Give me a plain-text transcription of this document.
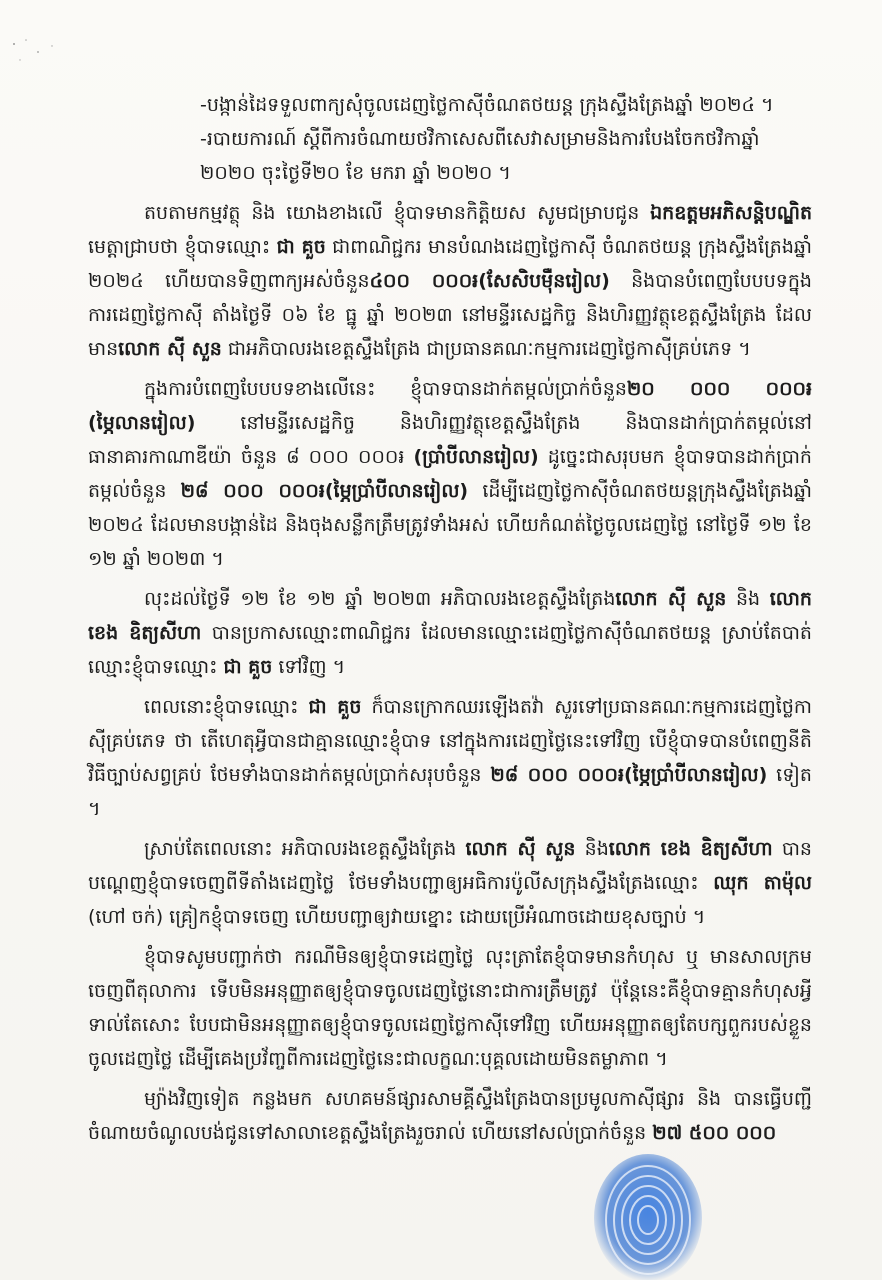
-បង្កាន់ដៃទទួលពាក្យសុំចូលដេញថ្លៃកាស៊ីចំណតថយន្ត ក្រុងស្ទឹងត្រែងឆ្នាំ ២០២៤ ។

-របាយការណ៍ ស្តីពីការចំណាយថវិកាសេសពីសេវាសម្រាមនិងការបែងចែកថវិកាឆ្នាំ

២០២០ ចុះថ្ងៃទី២០ ខែ មករា ឆ្នាំ ២០២០ ។

តបតាមកម្មវត្ថុ និង យោងខាងលើ ខ្ញុំបាទមានកិត្តិយស សូមជម្រាបជូន ឯកឧត្តមអភិសន្តិបណ្ឌិត មេត្តាជ្រាបថា ខ្ញុំបាទឈ្មោះ ជា គួច ជាពាណិជ្ជករ មានបំណងដេញថ្លៃកាស៊ី ចំណតថយន្ត ក្រុងស្ទឹងត្រែងឆ្នាំ ២០២៤ ហើយបានទិញពាក្យអស់ចំនួន៤០០ ០០០៛(សែសិបម៉ឺនរៀល) និងបានបំពេញបែបបទក្នុងការដេញថ្លៃកាស៊ី តាំងថ្ងៃទី ០៦ ខែ ធ្នូ ឆ្នាំ ២០២៣ នៅមន្ទីរសេដ្ឋកិច្ច និងហិរញ្ញវត្ថុខេត្តស្ទឹងត្រែង ដែលមានលោក ស៊ី សួន ជាអភិបាលរងខេត្តស្ទឹងត្រែង ជាប្រធានគណៈកម្មការដេញថ្លៃកាស៊ីគ្រប់ភេទ ។

ក្នុងការបំពេញបែបបទខាងលើនេះ ខ្ញុំបាទបានដាក់តម្កល់ប្រាក់ចំនួន២០ ០០០ ០០០៛(ម្ភៃលានរៀល) នៅមន្ទីរសេដ្ឋកិច្ច និងហិរញ្ញវត្ថុខេត្តស្ទឹងត្រែង និងបានដាក់ប្រាក់តម្កល់នៅធានាគារកាណាឌីយ៉ា ចំនួន ៨ ០០០ ០០០៛ (ប្រាំបីលានរៀល) ដូច្នេះជាសរុបមក ខ្ញុំបាទបានដាក់ប្រាក់តម្កល់ចំនួន ២៨ ០០០ ០០០៛(ម្ភៃប្រាំបីលានរៀល) ដើម្បីដេញថ្លៃកាស៊ីចំណតថយន្តក្រុងស្ទឹងត្រែងឆ្នាំ ២០២៤ ដែលមានបង្កាន់ដៃ និងចុងសន្លឹកត្រឹមត្រូវទាំងអស់ ហើយកំណត់ថ្ងៃចូលដេញថ្លៃ នៅថ្ងៃទី ១២ ខែ ១២ ឆ្នាំ ២០២៣ ។

លុះដល់ថ្ងៃទី ១២ ខែ ១២ ឆ្នាំ ២០២៣ អភិបាលរងខេត្តស្ទឹងត្រែងលោក ស៊ី សួន និង លោក ខេង ឧិត្យសីហា បានប្រកាសឈ្មោះពាណិជ្ជករ ដែលមានឈ្មោះដេញថ្លៃកាស៊ីចំណតថយន្ត ស្រាប់តែបាត់ឈ្មោះខ្ញុំបាទឈ្មោះ ជា គួច ទៅវិញ ។

ពេលនោះខ្ញុំបាទឈ្មោះ ជា គួច ក៏បានក្រោកឈរឡើងតវ៉ា សួរទៅប្រធានគណៈកម្មការដេញថ្លៃកាស៊ីគ្រប់ភេទ ថា តើហេតុអ្វីបានជាគ្មានឈ្មោះខ្ញុំបាទ នៅក្នុងការដេញថ្លៃនេះទៅវិញ បើខ្ញុំបាទបានបំពេញនីតិវិធីច្បាប់សព្វគ្រប់ ថែមទាំងបានដាក់តម្កល់ប្រាក់សរុបចំនួន ២៨ ០០០ ០០០៛(ម្ភៃប្រាំបីលានរៀល) ទៀត ។

ស្រាប់តែពេលនោះ អភិបាលរងខេត្តស្ទឹងត្រែង លោក ស៊ី សួន និងលោក ខេង ឧិត្យសីហា បានបណ្តេញខ្ញុំបាទចេញពីទីតាំងដេញថ្លៃ ថែមទាំងបញ្ជាឲ្យអធិការប៉ូលីសក្រុងស្ទឹងត្រែងឈ្មោះ ឈុក តាម៉ុល (ហៅ ចក់) គ្រៀកខ្ញុំបាទចេញ ហើយបញ្ជាឲ្យវាយខ្នោះ ដោយប្រើអំណាចដោយខុសច្បាប់ ។

ខ្ញុំបាទសូមបញ្ជាក់ថា ករណីមិនឲ្យខ្ញុំបាទដេញថ្លៃ លុះត្រាតែខ្ញុំបាទមានកំហុស ឬ មានសាលក្រមចេញពីតុលាការ ទើបមិនអនុញ្ញាតឲ្យខ្ញុំបាទចូលដេញថ្លៃនោះជាការត្រឹមត្រូវ ប៉ុន្តែនេះគឺខ្ញុំបាទគ្មានកំហុសអ្វីទាល់តែសោះ បែបជាមិនអនុញ្ញាតឲ្យខ្ញុំបាទចូលដេញថ្លៃកាស៊ីទៅវិញ ហើយអនុញ្ញាតឲ្យតែបក្សពួករបស់ខ្លួនចូលដេញថ្លៃ ដើម្បីគេងប្រវ័ញ្ចពីការដេញថ្លៃនេះជាលក្ខណៈបុគ្គលដោយមិនតម្លាភាព ។

ម្យ៉ាងវិញទៀត កន្លងមក សហគមន៍ផ្សារសាមគ្គីស្ទឹងត្រែងបានប្រមូលកាស៊ីផ្សារ និង បានធ្វើបញ្ជីចំណាយចំណូលបង់ជូនទៅសាលាខេត្តស្ទឹងត្រែងរួចរាល់ ហើយនៅសល់ប្រាក់ចំនួន ២៧ ៥០០ ០០០
